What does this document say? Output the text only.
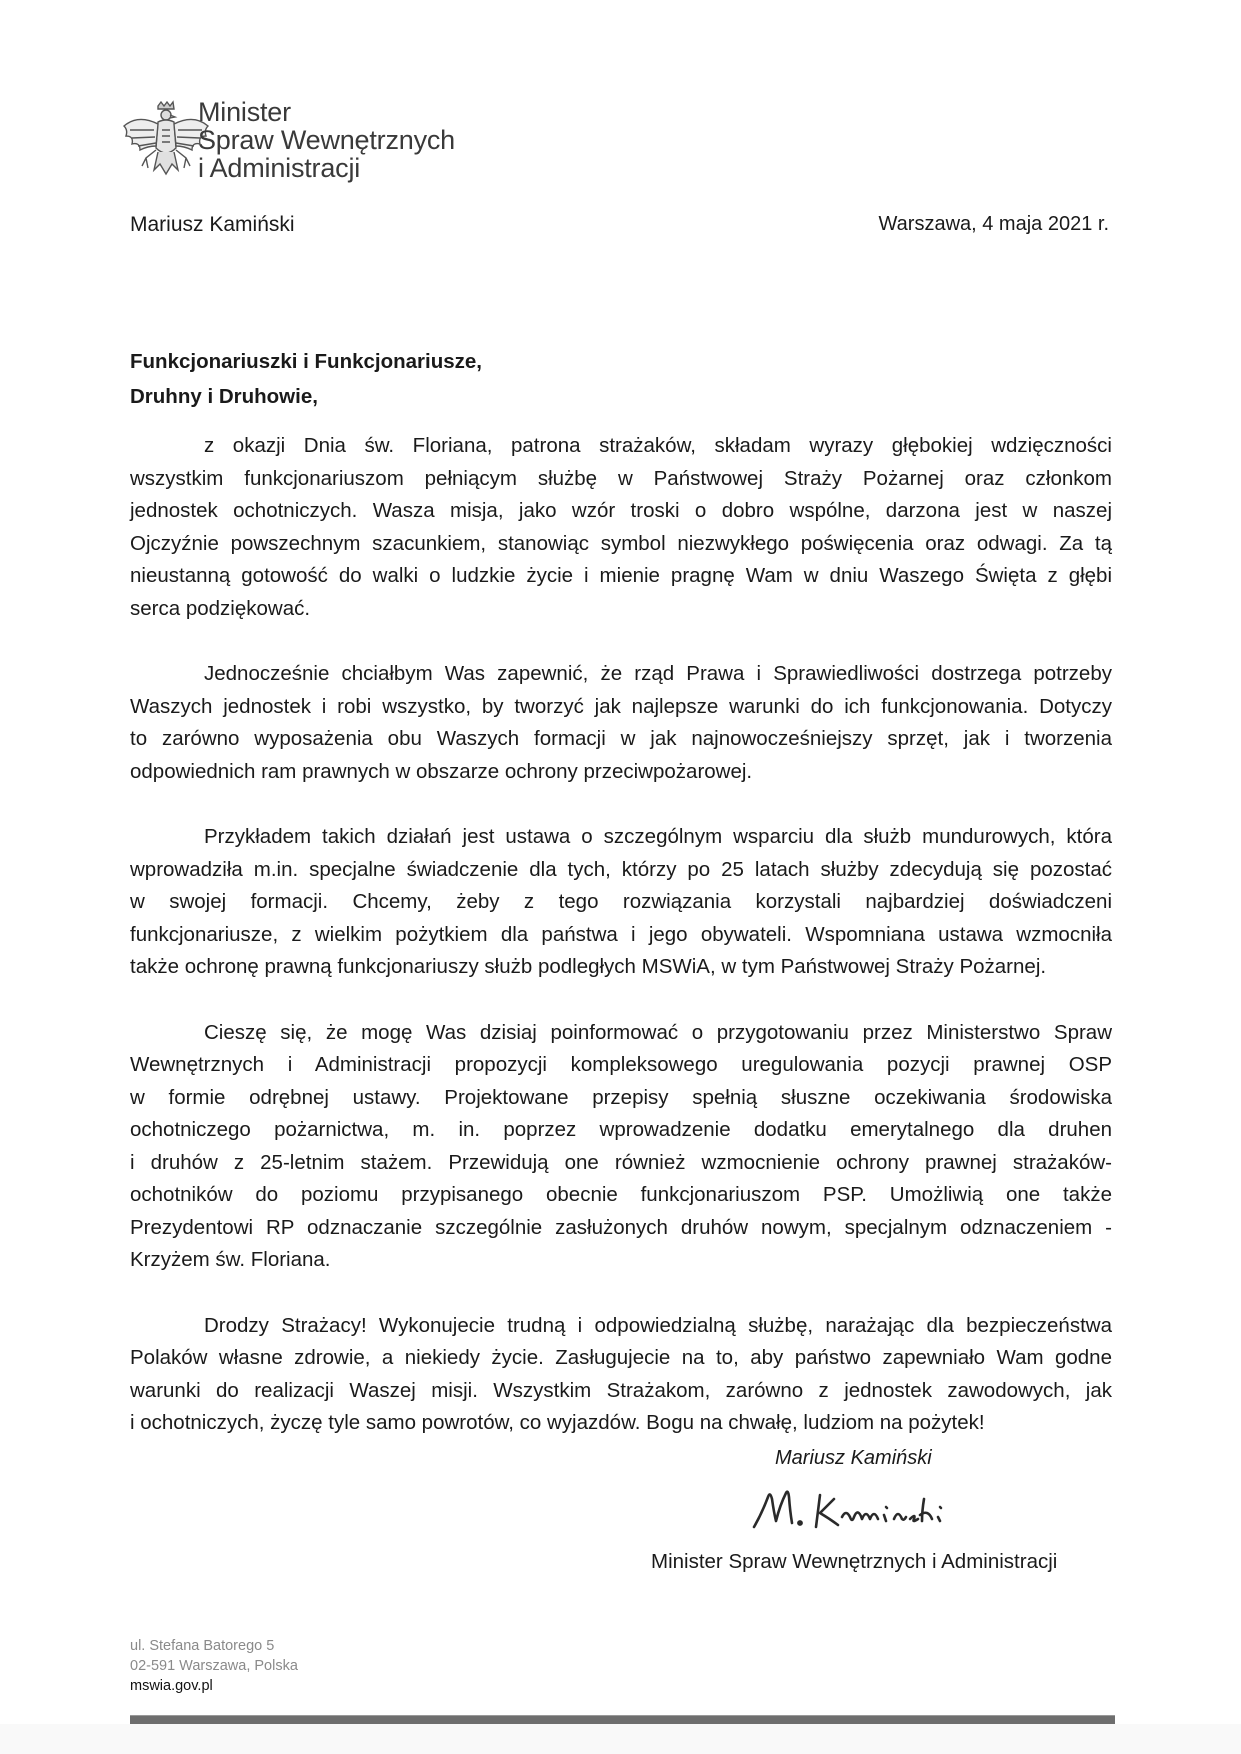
Minister
Spraw Wewnętrznych
i Administracji
Mariusz Kamiński	Warszawa, 4 maja 2021 r.
Funkcjonariuszki i Funkcjonariusze,
Druhny i Druhowie,
z okazji Dnia św. Floriana, patrona strażaków, składam wyrazy głębokiej wdzięczności
wszystkim funkcjonariuszom pełniącym służbę w Państwowej Straży Pożarnej oraz członkom
jednostek ochotniczych. Wasza misja, jako wzór troski o dobro wspólne, darzona jest w naszej
Ojczyźnie powszechnym szacunkiem, stanowiąc symbol niezwykłego poświęcenia oraz odwagi. Za tą
nieustanną gotowość do walki o ludzkie życie i mienie pragnę Wam w dniu Waszego Święta z głębi
serca podziękować.
Jednocześnie chciałbym Was zapewnić, że rząd Prawa i Sprawiedliwości dostrzega potrzeby
Waszych jednostek i robi wszystko, by tworzyć jak najlepsze warunki do ich funkcjonowania. Dotyczy
to zarówno wyposażenia obu Waszych formacji w jak najnowocześniejszy sprzęt, jak i tworzenia
odpowiednich ram prawnych w obszarze ochrony przeciwpożarowej.
Przykładem takich działań jest ustawa o szczególnym wsparciu dla służb mundurowych, która
wprowadziła m.in. specjalne świadczenie dla tych, którzy po 25 latach służby zdecydują się pozostać
w swojej formacji. Chcemy, żeby z tego rozwiązania korzystali najbardziej doświadczeni
funkcjonariusze, z wielkim pożytkiem dla państwa i jego obywateli. Wspomniana ustawa wzmocniła
także ochronę prawną funkcjonariuszy służb podległych MSWiA, w tym Państwowej Straży Pożarnej.
Cieszę się, że mogę Was dzisiaj poinformować o przygotowaniu przez Ministerstwo Spraw
Wewnętrznych i Administracji propozycji kompleksowego uregulowania pozycji prawnej OSP
w formie odrębnej ustawy. Projektowane przepisy spełnią słuszne oczekiwania środowiska
ochotniczego pożarnictwa, m. in. poprzez wprowadzenie dodatku emerytalnego dla druhen
i druhów z 25-letnim stażem. Przewidują one również wzmocnienie ochrony prawnej strażaków-
ochotników do poziomu przypisanego obecnie funkcjonariuszom PSP. Umożliwią one także
Prezydentowi RP odznaczanie szczególnie zasłużonych druhów nowym, specjalnym odznaczeniem -
Krzyżem św. Floriana.
Drodzy Strażacy! Wykonujecie trudną i odpowiedzialną służbę, narażając dla bezpieczeństwa
Polaków własne zdrowie, a niekiedy życie. Zasługujecie na to, aby państwo zapewniało Wam godne
warunki do realizacji Waszej misji. Wszystkim Strażakom, zarówno z jednostek zawodowych, jak
i ochotniczych, życzę tyle samo powrotów, co wyjazdów. Bogu na chwałę, ludziom na pożytek!
Mariusz Kamiński
Minister Spraw Wewnętrznych i Administracji
ul. Stefana Batorego 5
02-591 Warszawa, Polska
mswia.gov.pl
